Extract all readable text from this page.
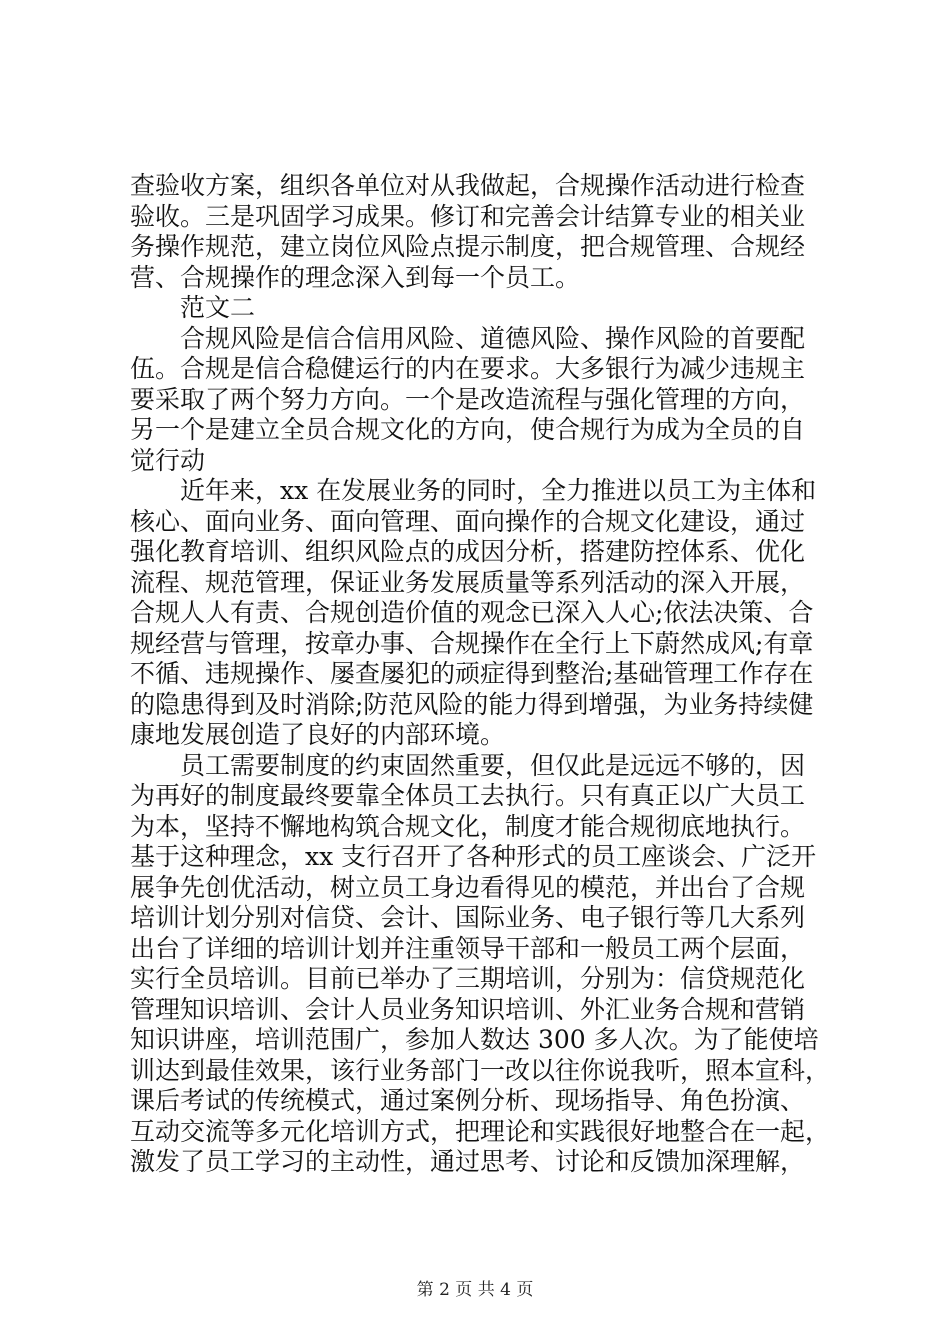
查验收方案，组织各单位对从我做起，合规操作活动进行检查
验收。三是巩固学习成果。修订和完善会计结算专业的相关业
务操作规范，建立岗位风险点提示制度，把合规管理、合规经
营、合规操作的理念深入到每一个员工。
范文二
合规风险是信合信用风险、道德风险、操作风险的首要配
伍。合规是信合稳健运行的内在要求。大多银行为减少违规主
要采取了两个努力方向。一个是改造流程与强化管理的方向，
另一个是建立全员合规文化的方向，使合规行为成为全员的自
觉行动
近年来，xx 在发展业务的同时，全力推进以员工为主体和
核心、面向业务、面向管理、面向操作的合规文化建设，通过
强化教育培训、组织风险点的成因分析，搭建防控体系、优化
流程、规范管理，保证业务发展质量等系列活动的深入开展，
合规人人有责、合规创造价值的观念已深入人心;依法决策、合
规经营与管理，按章办事、合规操作在全行上下蔚然成风;有章
不循、违规操作、屡查屡犯的顽症得到整治;基础管理工作存在
的隐患得到及时消除;防范风险的能力得到增强，为业务持续健
康地发展创造了良好的内部环境。
员工需要制度的约束固然重要，但仅此是远远不够的，因
为再好的制度最终要靠全体员工去执行。只有真正以广大员工
为本，坚持不懈地构筑合规文化，制度才能合规彻底地执行。
基于这种理念，xx 支行召开了各种形式的员工座谈会、广泛开
展争先创优活动，树立员工身边看得见的模范，并出台了合规
培训计划分别对信贷、会计、国际业务、电子银行等几大系列
出台了详细的培训计划并注重领导干部和一般员工两个层面，
实行全员培训。目前已举办了三期培训，分别为：信贷规范化
管理知识培训、会计人员业务知识培训、外汇业务合规和营销
知识讲座，培训范围广，参加人数达 300 多人次。为了能使培
训达到最佳效果，该行业务部门一改以往你说我听，照本宣科，
课后考试的传统模式，通过案例分析、现场指导、角色扮演、
互动交流等多元化培训方式，把理论和实践很好地整合在一起，
激发了员工学习的主动性，通过思考、讨论和反馈加深理解，
第 2 页 共 4 页
